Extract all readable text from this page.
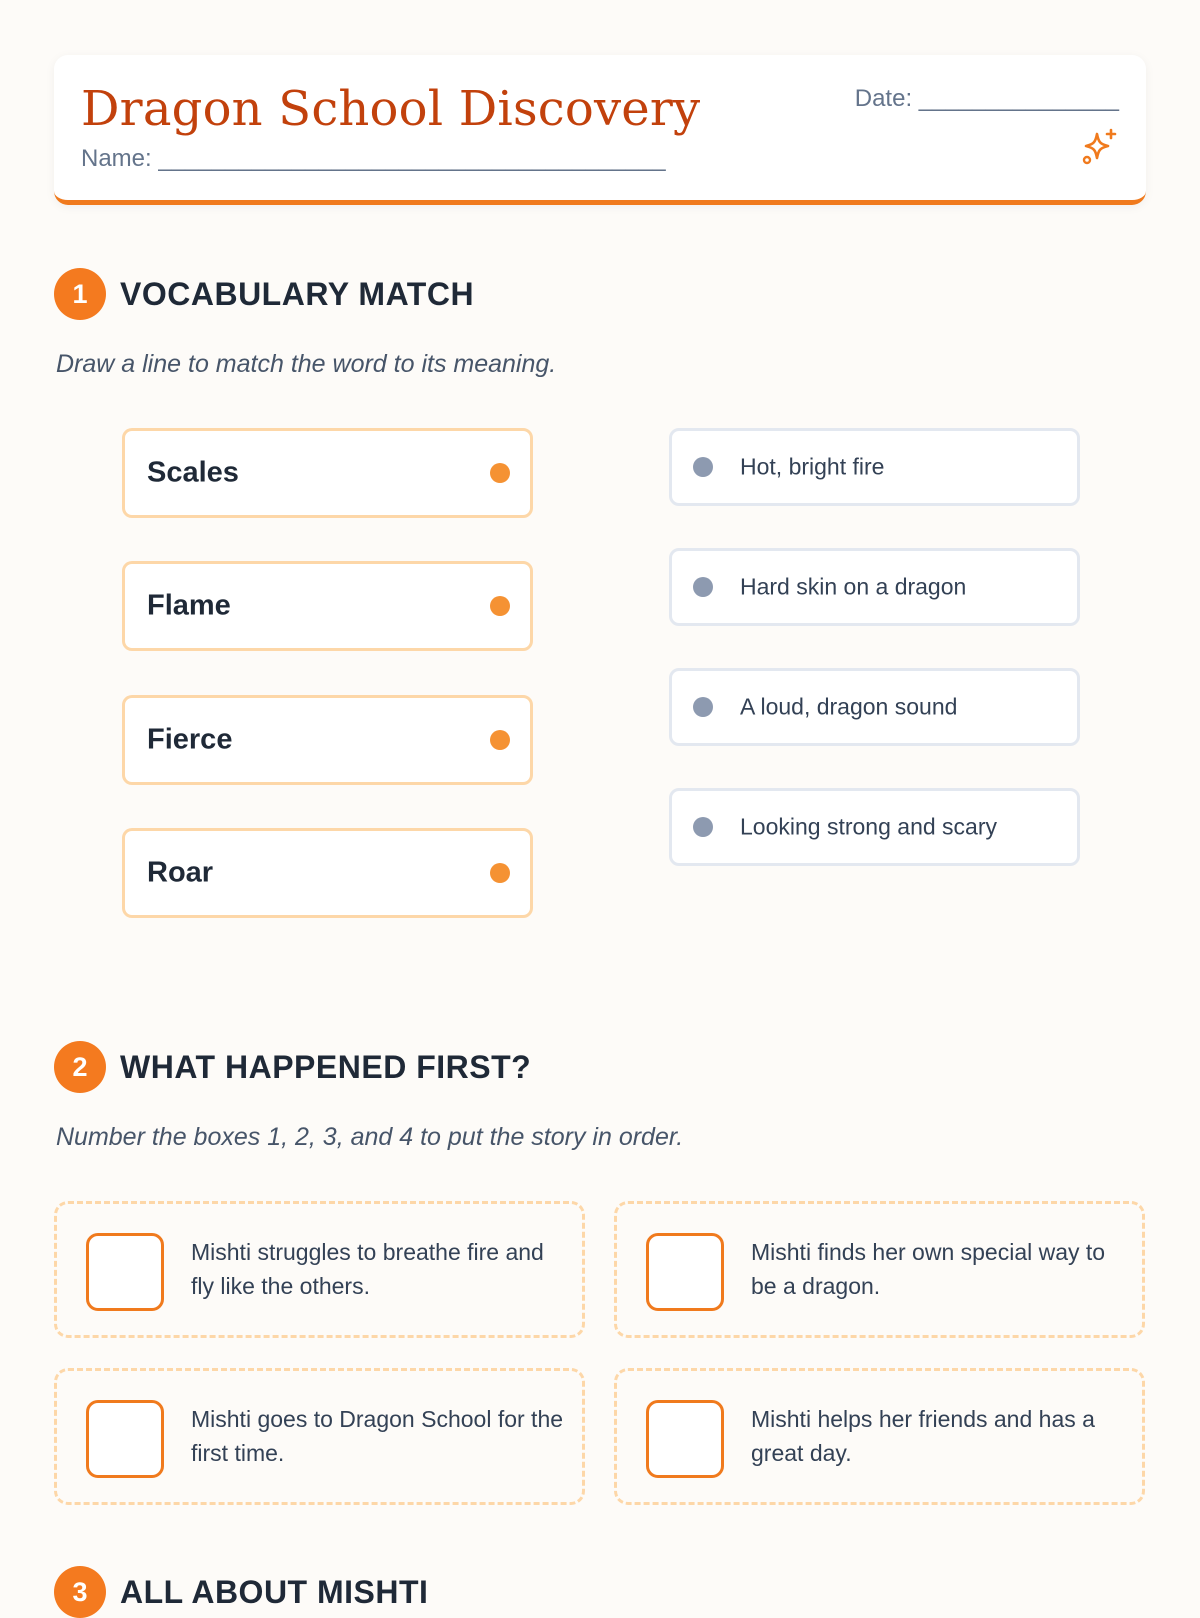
Dragon School Discovery
Name: ______________________________________
Date: _______________
1	VOCABULARY MATCH
Draw a line to match the word to its meaning.
Scales
Flame
Fierce
Roar
Hot, bright fire
Hard skin on a dragon
A loud, dragon sound
Looking strong and scary
2	WHAT HAPPENED FIRST?
Number the boxes 1, 2, 3, and 4 to put the story in order.
Mishti struggles to breathe fire and fly like the others.
Mishti finds her own special way to be a dragon.
Mishti goes to Dragon School for the first time.
Mishti helps her friends and has a great day.
3	ALL ABOUT MISHTI
